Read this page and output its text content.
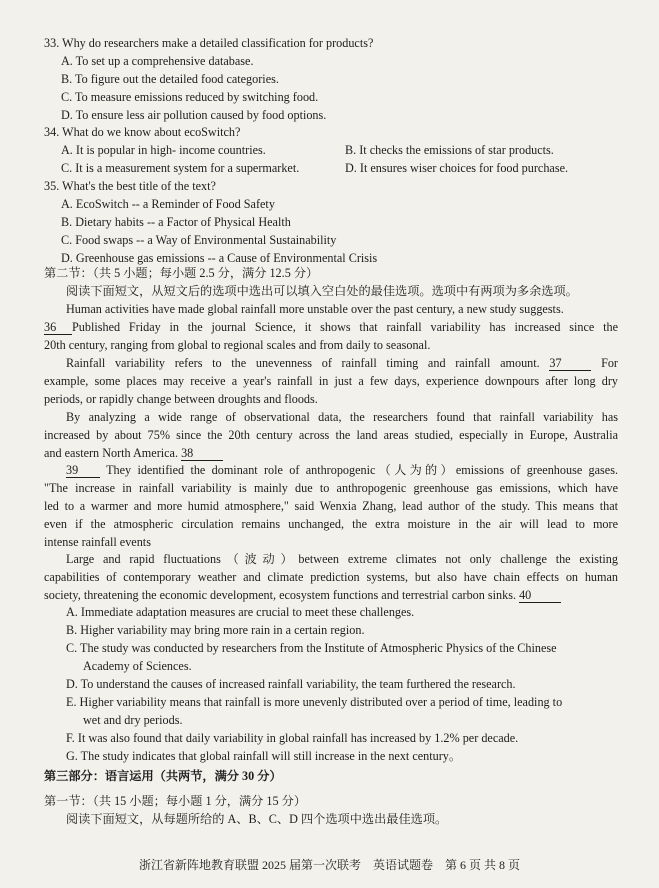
33. Why do researchers make a detailed classification for products?
A. To set up a comprehensive database.
B. To figure out the detailed food categories.
C. To measure emissions reduced by switching food.
D. To ensure less air pollution caused by food options.
34. What do we know about ecoSwitch?
A. It is popular in high- income countries.	B. It checks the emissions of star products.
C. It is a measurement system for a supermarket.	D. It ensures wiser choices for food purchase.
35. What's the best title of the text?
A. EcoSwitch -- a Reminder of Food Safety
B. Dietary habits -- a Factor of Physical Health
C. Food swaps -- a Way of Environmental Sustainability
D. Greenhouse gas emissions -- a Cause of Environmental Crisis
第二节：（共 5 小题；每小题 2.5 分，满分 12.5 分）
阅读下面短文，从短文后的选项中选出可以填入空白处的最佳选项。选项中有两项为多余选项。
Human activities have made global rainfall more unstable over the past century, a new study suggests.
36 Published Friday in the journal Science, it shows that rainfall variability has increased since the
20th century, ranging from global to regional scales and from daily to seasonal.
Rainfall variability refers to the unevenness of rainfall timing and rainfall amount. 37	For
example, some places may receive a year's rainfall in just a few days, experience downpours after long dry
periods, or rapidly change between droughts and floods.
By analyzing a wide range of observational data, the researchers found that rainfall variability has
increased by about 75% since the 20th century across the land areas studied, especially in Europe, Australia
and eastern North America. 38
39 They identified the dominant role of anthropogenic（人为的）emissions of greenhouse gases.
"The increase in rainfall variability is mainly due to anthropogenic greenhouse gas emissions, which have
led to a warmer and more humid atmosphere," said Wenxia Zhang, lead author of the study. This means that
even if the atmospheric circulation remains unchanged, the extra moisture in the air will lead to more
intense rainfall events
Large and rapid fluctuations（波动）between extreme climates not only challenge the existing
capabilities of contemporary weather and climate prediction systems, but also have chain effects on human
society, threatening the economic development, ecosystem functions and terrestrial carbon sinks. 40
A. Immediate adaptation measures are crucial to meet these challenges.
B. Higher variability may bring more rain in a certain region.
C. The study was conducted by researchers from the Institute of Atmospheric Physics of the Chinese
Academy of Sciences.
D. To understand the causes of increased rainfall variability, the team furthered the research.
E. Higher variability means that rainfall is more unevenly distributed over a period of time, leading to
wet and dry periods.
F. It was also found that daily variability in global rainfall has increased by 1.2% per decade.
G. The study indicates that global rainfall will still increase in the next century。
第三部分：语言运用（共两节，满分 30 分）
第一节：（共 15 小题；每小题 1 分，满分 15 分）
阅读下面短文，从每题所给的 A、B、C、D 四个选项中选出最佳选项。
浙江省新阵地教育联盟 2025 届第一次联考　英语试题卷　第 6 页 共 8 页
